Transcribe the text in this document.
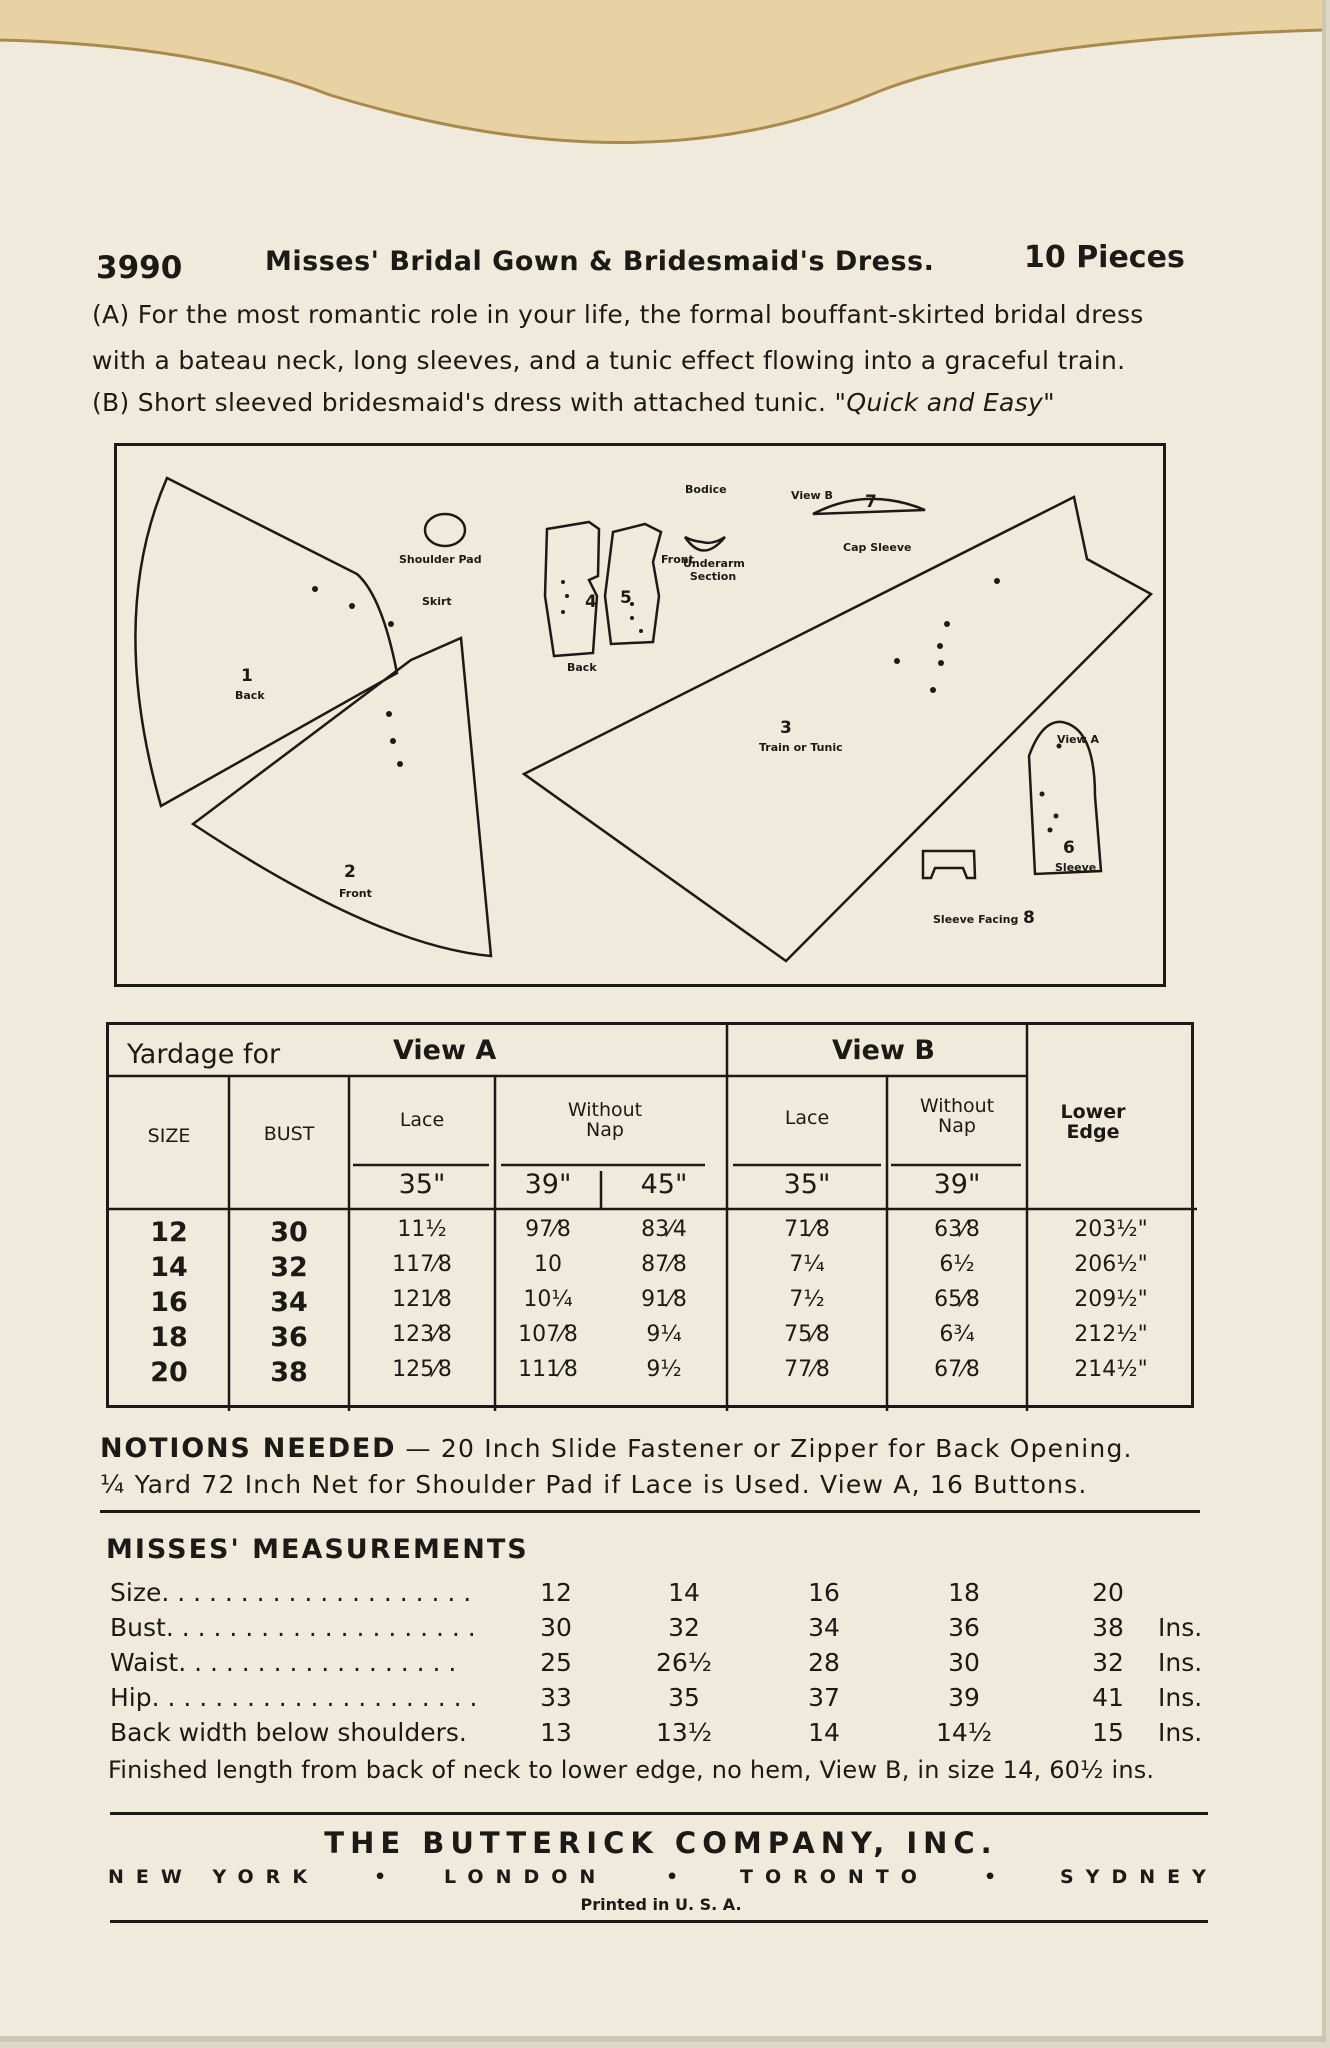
3990	Misses' Bridal Gown & Bridesmaid's Dress.	10 Pieces
(A) For the most romantic role in your life, the formal bouffant-skirted bridal dress
with a bateau neck, long sleeves, and a tunic effect flowing into a graceful train.
(B) Short sleeved bridesmaid's dress with attached tunic. "Quick and Easy"
Shoulder Pad
Skirt
Bodice	View B
1
Back
2
Front
3
Train or Tunic
4
Back
5
Front
Underarm Section
7
Cap Sleeve
View A
6
Sleeve
Sleeve Facing 8
Yardage for	View A	View B
SIZE	BUST
Lace	Without Nap
Lace
Without Nap
Lower Edge
35"	39"	45"	35"	39"
12	30	11½	97⁄8	83⁄4	71⁄8	63⁄8	203½"
14	32	117⁄8	10	87⁄8	7¼	6½	206½"
16	34	121⁄8	10¼	91⁄8	7½	65⁄8	209½"
18	36	123⁄8	107⁄8	9¼	75⁄8	6¾	212½"
20	38	125⁄8	111⁄8	9½	77⁄8	67⁄8	214½"
NOTIONS NEEDED — 20 Inch Slide Fastener or Zipper for Back Opening.
¼ Yard 72 Inch Net for Shoulder Pad if Lace is Used. View A, 16 Buttons.
MISSES' MEASUREMENTS
Size. . . . . . . . . . . . . . . . . . . .	12	14	16	18	20
Bust. . . . . . . . . . . . . . . . . . . .	30	32	34	36	38	Ins.
Waist. . . . . . . . . . . . . . . . . .	25	26½	28	30	32	Ins.
Hip. . . . . . . . . . . . . . . . . . . . .	33	35	37	39	41	Ins.
Back width below shoulders.	13	13½	14	14½	15	Ins.
Finished length from back of neck to lower edge, no hem, View B, in size 14, 60½ ins.
THE BUTTERICK COMPANY, INC.
NEW YORK	•	LONDON	•	TORONTO	•	SYDNEY
Printed in U. S. A.
